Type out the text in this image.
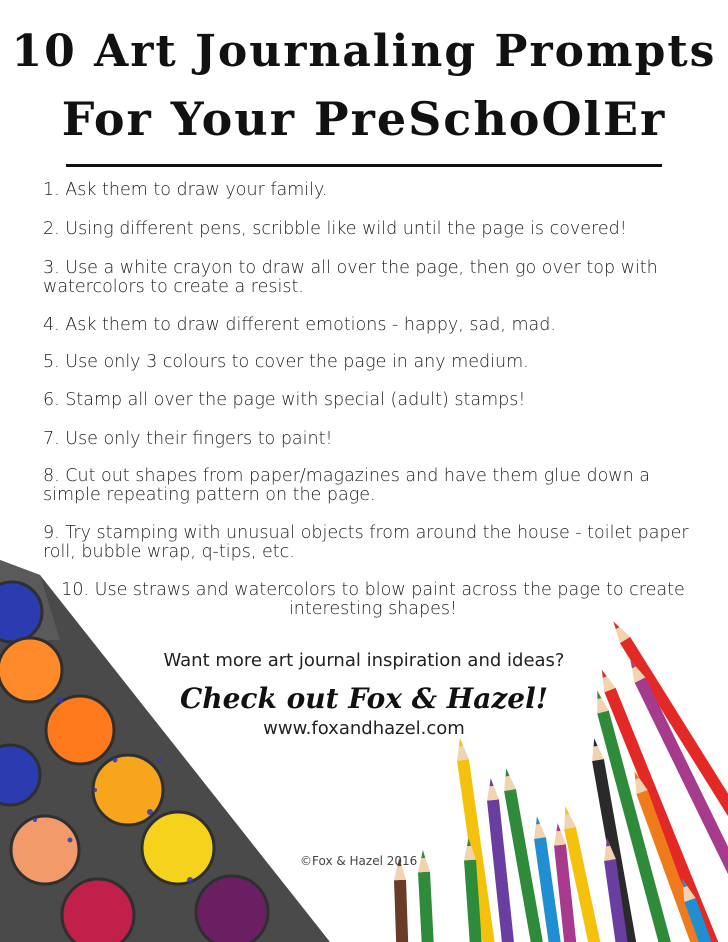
10 Art Journaling Prompts
For Your PreSchoOlEr
1. Ask them to draw your family.
2. Using different pens, scribble like wild until the page is covered!
3. Use a white crayon to draw all over the page, then go over top with watercolors to create a resist.
4. Ask them to draw different emotions - happy, sad, mad.
5. Use only 3 colours to cover the page in any medium.
6. Stamp all over the page with special (adult) stamps!
7. Use only their fingers to paint!
8. Cut out shapes from paper/magazines and have them glue down a simple repeating pattern on the page.
9. Try stamping with unusual objects from around the house - toilet paper roll, bubble wrap, q-tips, etc.
10. Use straws and watercolors to blow paint across the page to create interesting shapes!
Want more art journal inspiration and ideas?
Check out Fox & Hazel!
www.foxandhazel.com
©Fox & Hazel 2016
